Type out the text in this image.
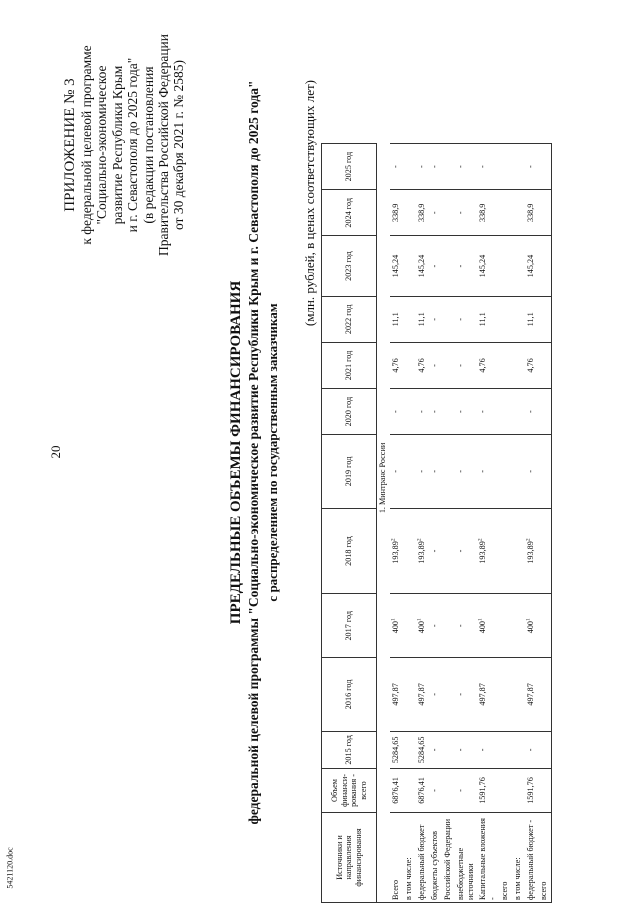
20
5421120.doc
ПРИЛОЖЕНИЕ № 3 к федеральной целевой программе "Социально-экономическое развитие Республики Крым и г. Севастополя до 2025 года" (в редакции постановления Правительства Российской Федерации от 30 декабря 2021 г. № 2585)
ПРЕДЕЛЬНЫЕ ОБЪЕМЫ ФИНАНСИРОВАНИЯ федеральной целевой программы "Социально-экономическое развитие Республики Крым и г. Севастополя до 2025 года" с распределением по государственным заказчикам
(млн. рублей, в ценах соответствующих лет)
Источники и направления финансирования	Объем финанси-рования - всего	2015 год	2016 год	2017 год	2018 год	2019 год	2020 год	2021 год	2022 год	2023 год	2024 год	2025 год
	1. Минтранс России											
Всего	6876,41	5284,65	497,87	$400^1$	193,89$^2$	-	-	4,76	11,1	145,24	338,9	-
в том числе:												
федеральный бюджет	6876,41	5284,65	497,87	$400^1$	193,89$^2$	-	-	4,76	11,1	145,24	338,9	-
бюджеты субъектов	-	-	-	-	-	-	-	-	-	-	-	-
Российской Федерации												
внебюджетные источники	-	-	-	-	-	-	-	-	-	-	-	-
Капитальные вложения -	1591,76	-	497,87	$400^1$	193,89$^2$	-	-	4,76	11,1	145,24	338,9	-
всего												
в том числе:												
федеральный бюджет -	1591,76	-	497,87	$400^1$	193,89$^2$	-	-	4,76	11,1	145,24	338,9	-
всего												
